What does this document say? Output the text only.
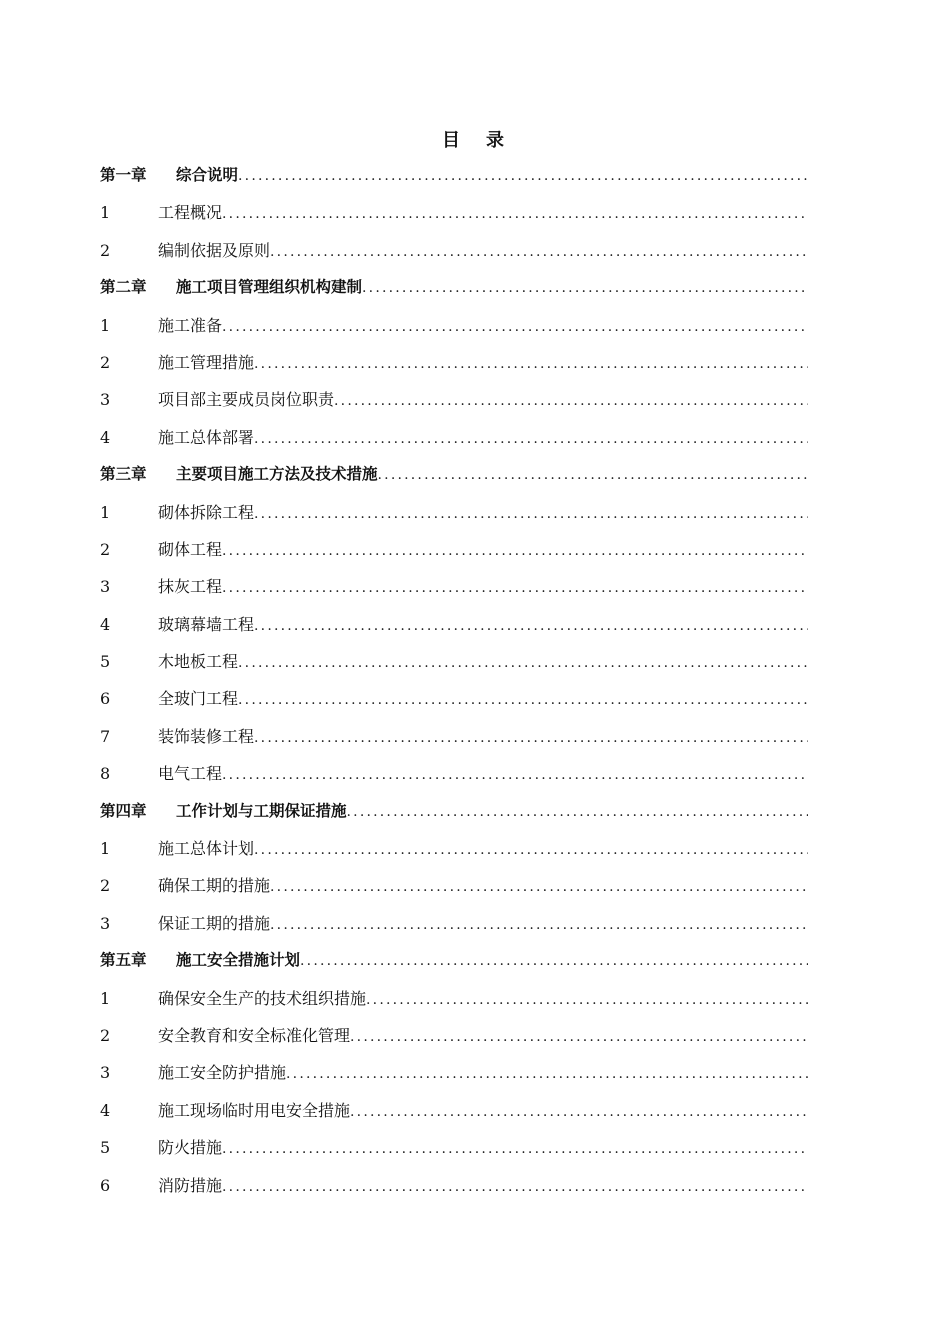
目　录
第一章	综合说明
.....
1	工程概况
.....
2	编制依据及原则
.....
第二章	施工项目管理组织机构建制
.....
1	施工准备
.....
2	施工管理措施
.....
3	项目部主要成员岗位职责
.....
4	施工总体部署
.....
第三章	主要项目施工方法及技术措施
.....
1	砌体拆除工程
.....
2	砌体工程
.....
3	抹灰工程
.....
4	玻璃幕墙工程
.....
5	木地板工程
.....
6	全玻门工程
.....
7	装饰装修工程
.....
8	电气工程
.....
第四章	工作计划与工期保证措施
.....
1	施工总体计划
.....
2	确保工期的措施
.....
3	保证工期的措施
.....
第五章	施工安全措施计划
.....
1	确保安全生产的技术组织措施
.....
2	安全教育和安全标准化管理
.....
3	施工安全防护措施
.....
4	施工现场临时用电安全措施
.....
5	防火措施
.....
6	消防措施
.....
